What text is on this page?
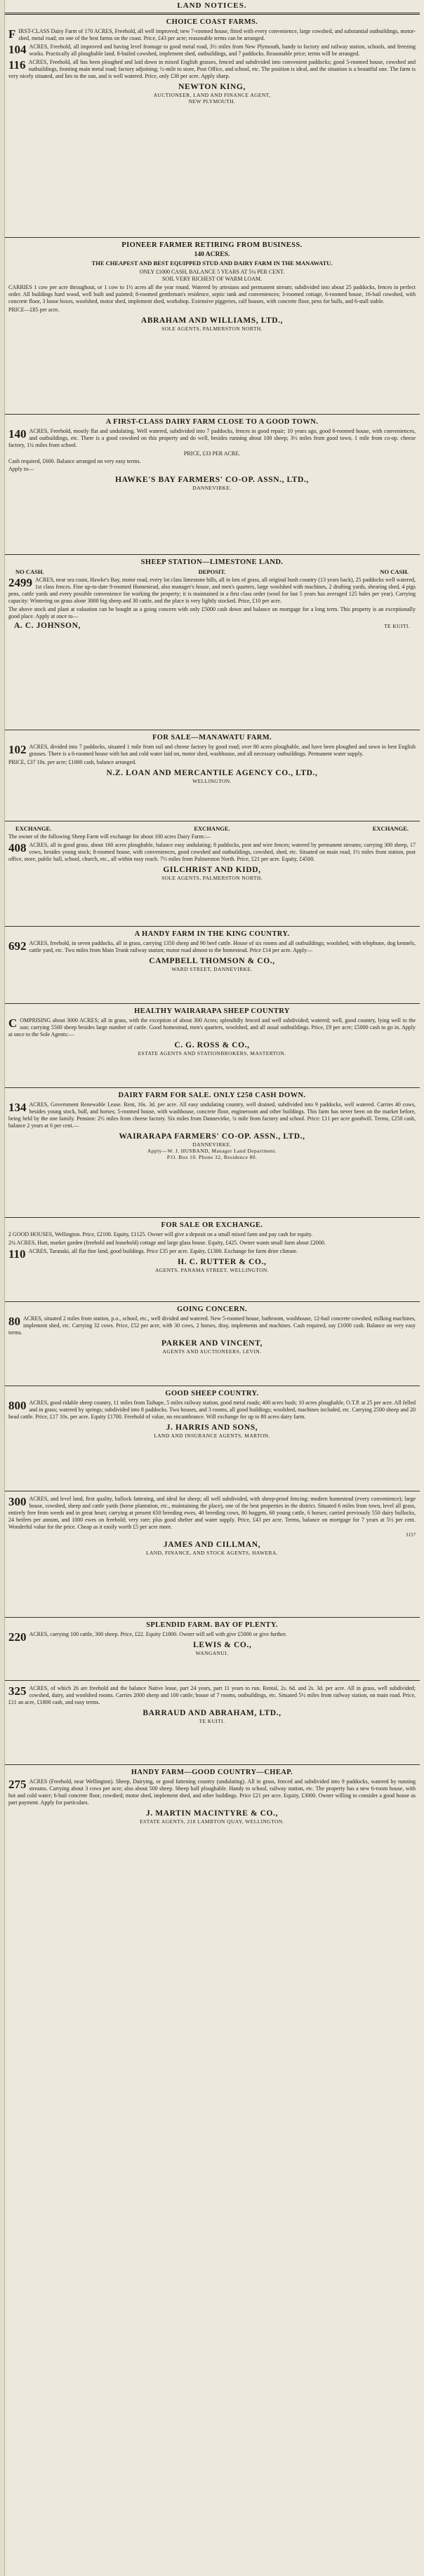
LAND NOTICES.
CHOICE COAST FARMS.

FIRST-CLASS Dairy Farm of 170 ACRES, Freehold, all well improved; new 7-roomed house, fitted with every convenience, large cowshed, and substantial outbuildings, motor-shed, metal road; on one of the best farms on the coast. Price, £43 per acre; reasonable terms can be arranged.

104 ACRES, Freehold, all improved and having level frontage to good metal road, 3½ miles from New Plymouth, handy to factory and railway station, schools, and freezing works. Practically all ploughable land. 8-bailed cowshed, implement shed, outbuildings, and 7 paddocks. Reasonable price; terms will be arranged.

116 ACRES, Freehold, all has been ploughed and laid down in mixed English grasses, fenced and subdivided into convenient paddocks; good 5-roomed house, cowshed and outbuildings, fronting main metal road; factory adjoining; ½-mile to store, Post Office, and school, etc. The position is ideal, and the situation is a beautiful one. The farm is very nicely situated, and lies to the sun, and is well watered. Price, only £38 per acre. Apply sharp.

NEWTON KING,

AUCTIONEER, LAND AND FINANCE AGENT,

NEW PLYMOUTH.

PIONEER FARMER RETIRING FROM BUSINESS.
140 ACRES.
THE CHEAPEST AND BEST EQUIPPED STUD AND DAIRY FARM IN THE MANAWATU.

ONLY £1000 CASH, BALANCE 5 YEARS AT 5¼ PER CENT.

SOIL VERY RICHEST OF WARM LOAM.

CARRIES 1 cow per acre throughout, or 1 cow to 1½ acres all the year round. Watered by artesians and permanent stream; subdivided into about 25 paddocks, fences in perfect order. All buildings hard wood, well built and painted; 8-roomed gentleman's residence, septic tank and conveniences; 3-roomed cottage, 6-roomed house, 16-bail cowshed, with concrete floor, 3 loose boxes, woolshed, motor shed, implement shed, workshop. Extensive piggeries, calf houses, with concrete floor, pens for bulls, and 6-stall stable.

PRICE—£85 per acre.

ABRAHAM AND WILLIAMS, LTD.,

SOLE AGENTS, PALMERSTON NORTH.

A FIRST-CLASS DAIRY FARM CLOSE TO A GOOD TOWN.

140 ACRES, Freehold, mostly flat and undulating. Well watered, subdivided into 7 paddocks, fences in good repair; 10 years ago, good 6-roomed house, with conveniences, and outbuildings, etc. There is a good cowshed on this property and do well, besides running about 100 sheep; 3½ miles from good town, 1 mile from co-op. cheese factory, 1¼ miles from school.

PRICE, £33 PER ACRE.

Cash required, £600. Balance arranged on very easy terms.

Apply to—

HAWKE'S BAY FARMERS' CO-OP. ASSN., LTD.,

DANNEVIRKE.

SHEEP STATION—LIMESTONE LAND.
NO CASH.	DEPOSIT.	NO CASH.

2499 ACRES, near sea coast, Hawke's Bay, motor road, every lot class limestone hills, all in lots of grass, all original bush country (13 years back), 25 paddocks well watered, 1st class fences. Fine up-to-date 9-roomed Homestead, also manager's house, and men's quarters, large woolshed with machines, 2 drafting yards, shearing shed, 4 pigs pens, cattle yards and every possible convenience for working the property; it is maintained in a first class order (wool for last 5 years has averaged 125 bales per year). Carrying capacity: Wintering on grass alone 3000 big sheep and 30 cattle, and the place is very lightly stocked. Price, £10 per acre.

The above stock and plant at valuation can be bought as a going concern with only £5000 cash down and balance on mortgage for a long term. This property is an exceptionally good place. Apply at once to—

A. C. JOHNSON,	TE KUITI.
FOR SALE—MANAWATU FARM.

102 ACRES, divided into 7 paddocks, situated 1 mile from rail and cheese factory by good road; over 80 acres ploughable, and have been ploughed and sown in best English grasses. There is a 6-roomed house with hot and cold water laid on, motor shed, washhouse, and all necessary outbuildings. Permanent water supply.

PRICE, £37 10s. per acre; £1000 cash, balance arranged.

N.Z. LOAN AND MERCANTILE AGENCY CO., LTD.,

WELLINGTON.

EXCHANGE.	EXCHANGE.	EXCHANGE.

The owner of the following Sheep Farm will exchange for about 100 acres Dairy Farm:—

408 ACRES, all in good grass, about 160 acres ploughable, balance easy undulating; 8 paddocks, post and wire fences; watered by permanent streams; carrying 300 sheep, 17 cows, besides young stock; 8-roomed house, with conveniences, good cowshed and outbuildings, cowshed, shed, etc. Situated on main road, 1½ miles from station, post office, store, public hall, school, church, etc., all within easy reach. 7½ miles from Palmerston North. Price, £21 per acre. Equity, £4500.

GILCHRIST AND KIDD,

SOLE AGENTS, PALMERSTON NORTH.

A HANDY FARM IN THE KING COUNTRY.

692 ACRES, freehold, in seven paddocks, all in grass, carrying 1350 sheep and 90 beef cattle. House of six rooms and all outbuildings; woolshed, with telephone, dog kennels, cattle yard, etc. Two miles from Main Trunk railway station; motor road almost to the homestead. Price £14 per acre. Apply—

CAMPBELL THOMSON & CO.,

WARD STREET, DANNEVIRKE.

HEALTHY WAIRARAPA SHEEP COUNTRY

COMPRISING about 3000 ACRES; all in grass, with the exception of about 300 Acres; splendidly fenced and well subdivided; watered; well, good country, lying well to the sun; carrying 5500 sheep besides large number of cattle. Good homestead, men's quarters, woolshed, and all usual outbuildings. Price, £9 per acre; £5000 cash to go in. Apply at once to the Sole Agents:—

C. G. ROSS & CO.,

ESTATE AGENTS AND STATIONBROKERS, MASTERTON.

DAIRY FARM FOR SALE. ONLY £250 CASH DOWN.

134 ACRES, Government Renewable Lease. Rent, 16s. 3d. per acre. All easy undulating country, well drained, subdivided into 9 paddocks, well watered. Carries 40 cows, besides young stock, bull, and horses; 5-roomed house, with washhouse, concrete floor, engineroom and other buildings. This farm has never been on the market before, being held by the one family. Pension: 2½ miles from cheese factory. Six miles from Dannevirke, ¼ mile from factory and school. Price: £11 per acre goodwill. Terms, £250 cash, balance 2 years at 6 per cent.—

WAIRARAPA FARMERS' CO-OP. ASSN., LTD.,

DANNEVIRKE.

Apply—W. J. HUSBAND, Manager Land Department.

P.O. Box 10. Phone 32, Residence 80.

FOR SALE OR EXCHANGE.

2 GOOD HOUSES, Wellington. Price, £2100. Equity, £1125. Owner will give a deposit on a small mixed farm and pay cash for equity.

2¼ ACRES, Hutt, market garden (freehold and leasehold) cottage and large glass house. Equity, £425. Owner wants small farm about £2000.

110 ACRES, Taranaki, all flat fine land, good buildings. Price £35 per acre. Equity, £1300. Exchange for farm drier climate.

H. C. RUTTER & CO.,

AGENTS, PANAMA STREET, WELLINGTON.

GOING CONCERN.

80 ACRES, situated 2 miles from station, p.o., school, etc., well divided and watered. New 5-roomed house, bathroom, washhouse, 12-bail concrete cowshed, milking machines, implement shed, etc. Carrying 32 cows. Price, £52 per acre, with 30 cows, 2 horses, dray, implements and machines. Cash required, say £1000 cash. Balance on very easy terms.

PARKER AND VINCENT,

AGENTS AND AUCTIONEERS, LEVIN.

GOOD SHEEP COUNTRY.

800 ACRES, good ridable sheep country, 11 miles from Taihape, 5 miles railway station, good metal roads; 400 acres bush; 10 acres ploughable, O.T.P. at 25 per acre. All felled and in grass; watered by springs; subdivided into 8 paddocks. Two houses, and 3 rooms, all good buildings; woolshed, machines included, etc. Carrying 2500 sheep and 20 head cattle. Price, £17 10s. per acre. Equity £1700. Freehold of value, no encumbrance. Will exchange for up to 80 acres dairy farm.

J. HARRIS AND SONS,

LAND AND INSURANCE AGENTS, MARTON.

300 ACRES, and level land, first quality, bullock fattening, and ideal for sheep; all well subdivided, with sheep-proof fencing: modern homestead (every convenience); large house, cowshed, sheep and cattle yards (horse plantation, etc., maintaining the place), one of the best properties in the district. Situated 6 miles from town, level all grass, entirely free from weeds and in great heart; carrying at present 650 breeding ewes, 40 breeding cows, 80 hoggets, 60 young cattle, 6 horses; carried previously 550 dairy bullocks, 24 heifers per annum, and 1000 ewes on freehold; very rare; plus good shelter and water supply. Price, £43 per acre. Terms, balance on mortgage for 7 years at 5½ per cent. Wonderful value for the price. Cheap as it easily worth £5 per acre more.

3157

JAMES AND CILLMAN,

LAND, FINANCE, AND STOCK AGENTS, HAWERA.

SPLENDID FARM. BAY OF PLENTY.

220 ACRES, carrying 100 cattle, 300 sheep. Price, £22. Equity £1800. Owner will sell with give £5000 or give further.

LEWIS & CO.,

WANGANUI.

325 ACRES, of which 26 are freehold and the balance Native lease, part 24 years, part 11 years to run. Rental, 2s. 6d. and 2s. 3d. per acre. All in grass, well subdivided; cowshed, dairy, and woolshed rooms. Carries 2000 sheep and 100 cattle; house of 7 rooms, outbuildings, etc. Situated 5½ miles from railway station, on main road. Price, £11 an acre, £1800 cash, and easy terms.

BARRAUD AND ABRAHAM, LTD.,

TE KUITI.

HANDY FARM—GOOD COUNTRY—CHEAP.

275 ACRES (Freehold, near Wellington). Sheep, Dairying, or good fattening country (undulating). All in grass, fenced and subdivided into 9 paddocks, watered by running streams. Carrying about 3 cows per acre; also about 500 sheep. Sheep half ploughable. Handy to school, railway station, etc. The property has a new 6-room house, with hot and cold water; 6-bail concrete floor, cowshed; motor shed, implement shed, and other buildings. Price £21 per acre. Equity, £3000. Owner willing to consider a good house as part payment. Apply for particulars.

J. MARTIN MACINTYRE & CO.,

ESTATE AGENTS, 218 LAMBTON QUAY, WELLINGTON.
